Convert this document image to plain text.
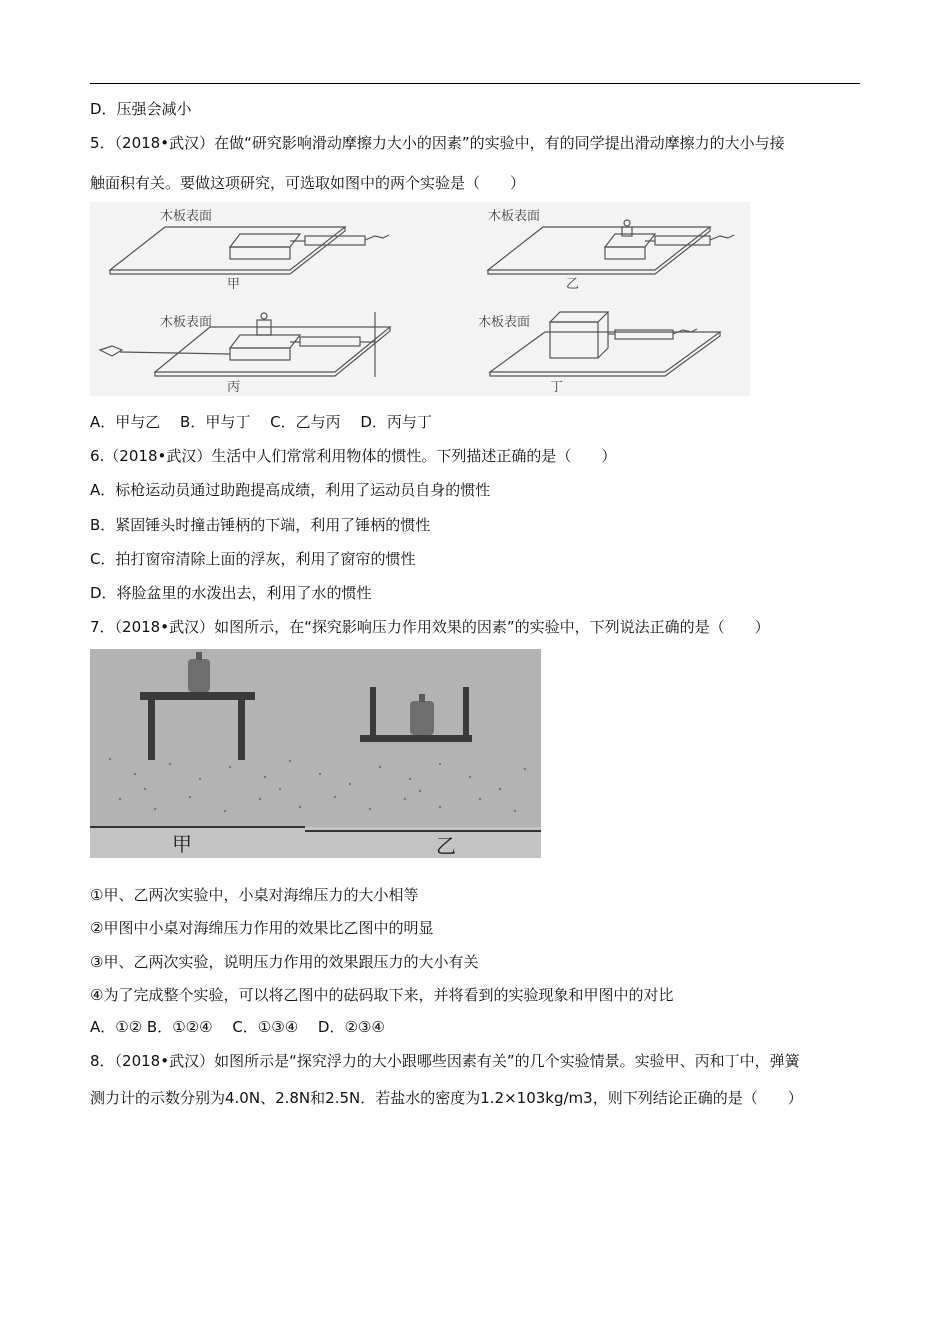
D．压强会减小
5．（2018•武汉）在做“研究影响滑动摩擦力大小的因素”的实验中，有的同学提出滑动摩擦力的大小与接
触面积有关。要做这项研究，可选取如图中的两个实验是（　　）
木板表面	木板表面
木板表面	木板表面
甲	乙
丙	丁
A．甲与乙　 B．甲与丁　 C．乙与丙　 D．丙与丁
6.（2018•武汉）生活中人们常常利用物体的惯性。下列描述正确的是（　　）
A．标枪运动员通过助跑提高成绩，利用了运动员自身的惯性
B．紧固锤头时撞击锤柄的下端，利用了锤柄的惯性
C．拍打窗帘清除上面的浮灰，利用了窗帘的惯性
D．将脸盆里的水泼出去，利用了水的惯性
7．（2018•武汉）如图所示，在“探究影响压力作用效果的因素”的实验中，下列说法正确的是（　　）
甲	乙
①甲、乙两次实验中，小桌对海绵压力的大小相等
②甲图中小桌对海绵压力作用的效果比乙图中的明显
③甲、乙两次实验，说明压力作用的效果跟压力的大小有关
④为了完成整个实验，可以将乙图中的砝码取下来，并将看到的实验现象和甲图中的对比
A．①② B．①②④　 C．①③④　 D．②③④
8．（2018•武汉）如图所示是“探究浮力的大小跟哪些因素有关”的几个实验情景。实验甲、丙和丁中，弹簧
测力计的示数分别为4.0N、2.8N和2.5N．若盐水的密度为1.2×103kg/m3，则下列结论正确的是（　　）
